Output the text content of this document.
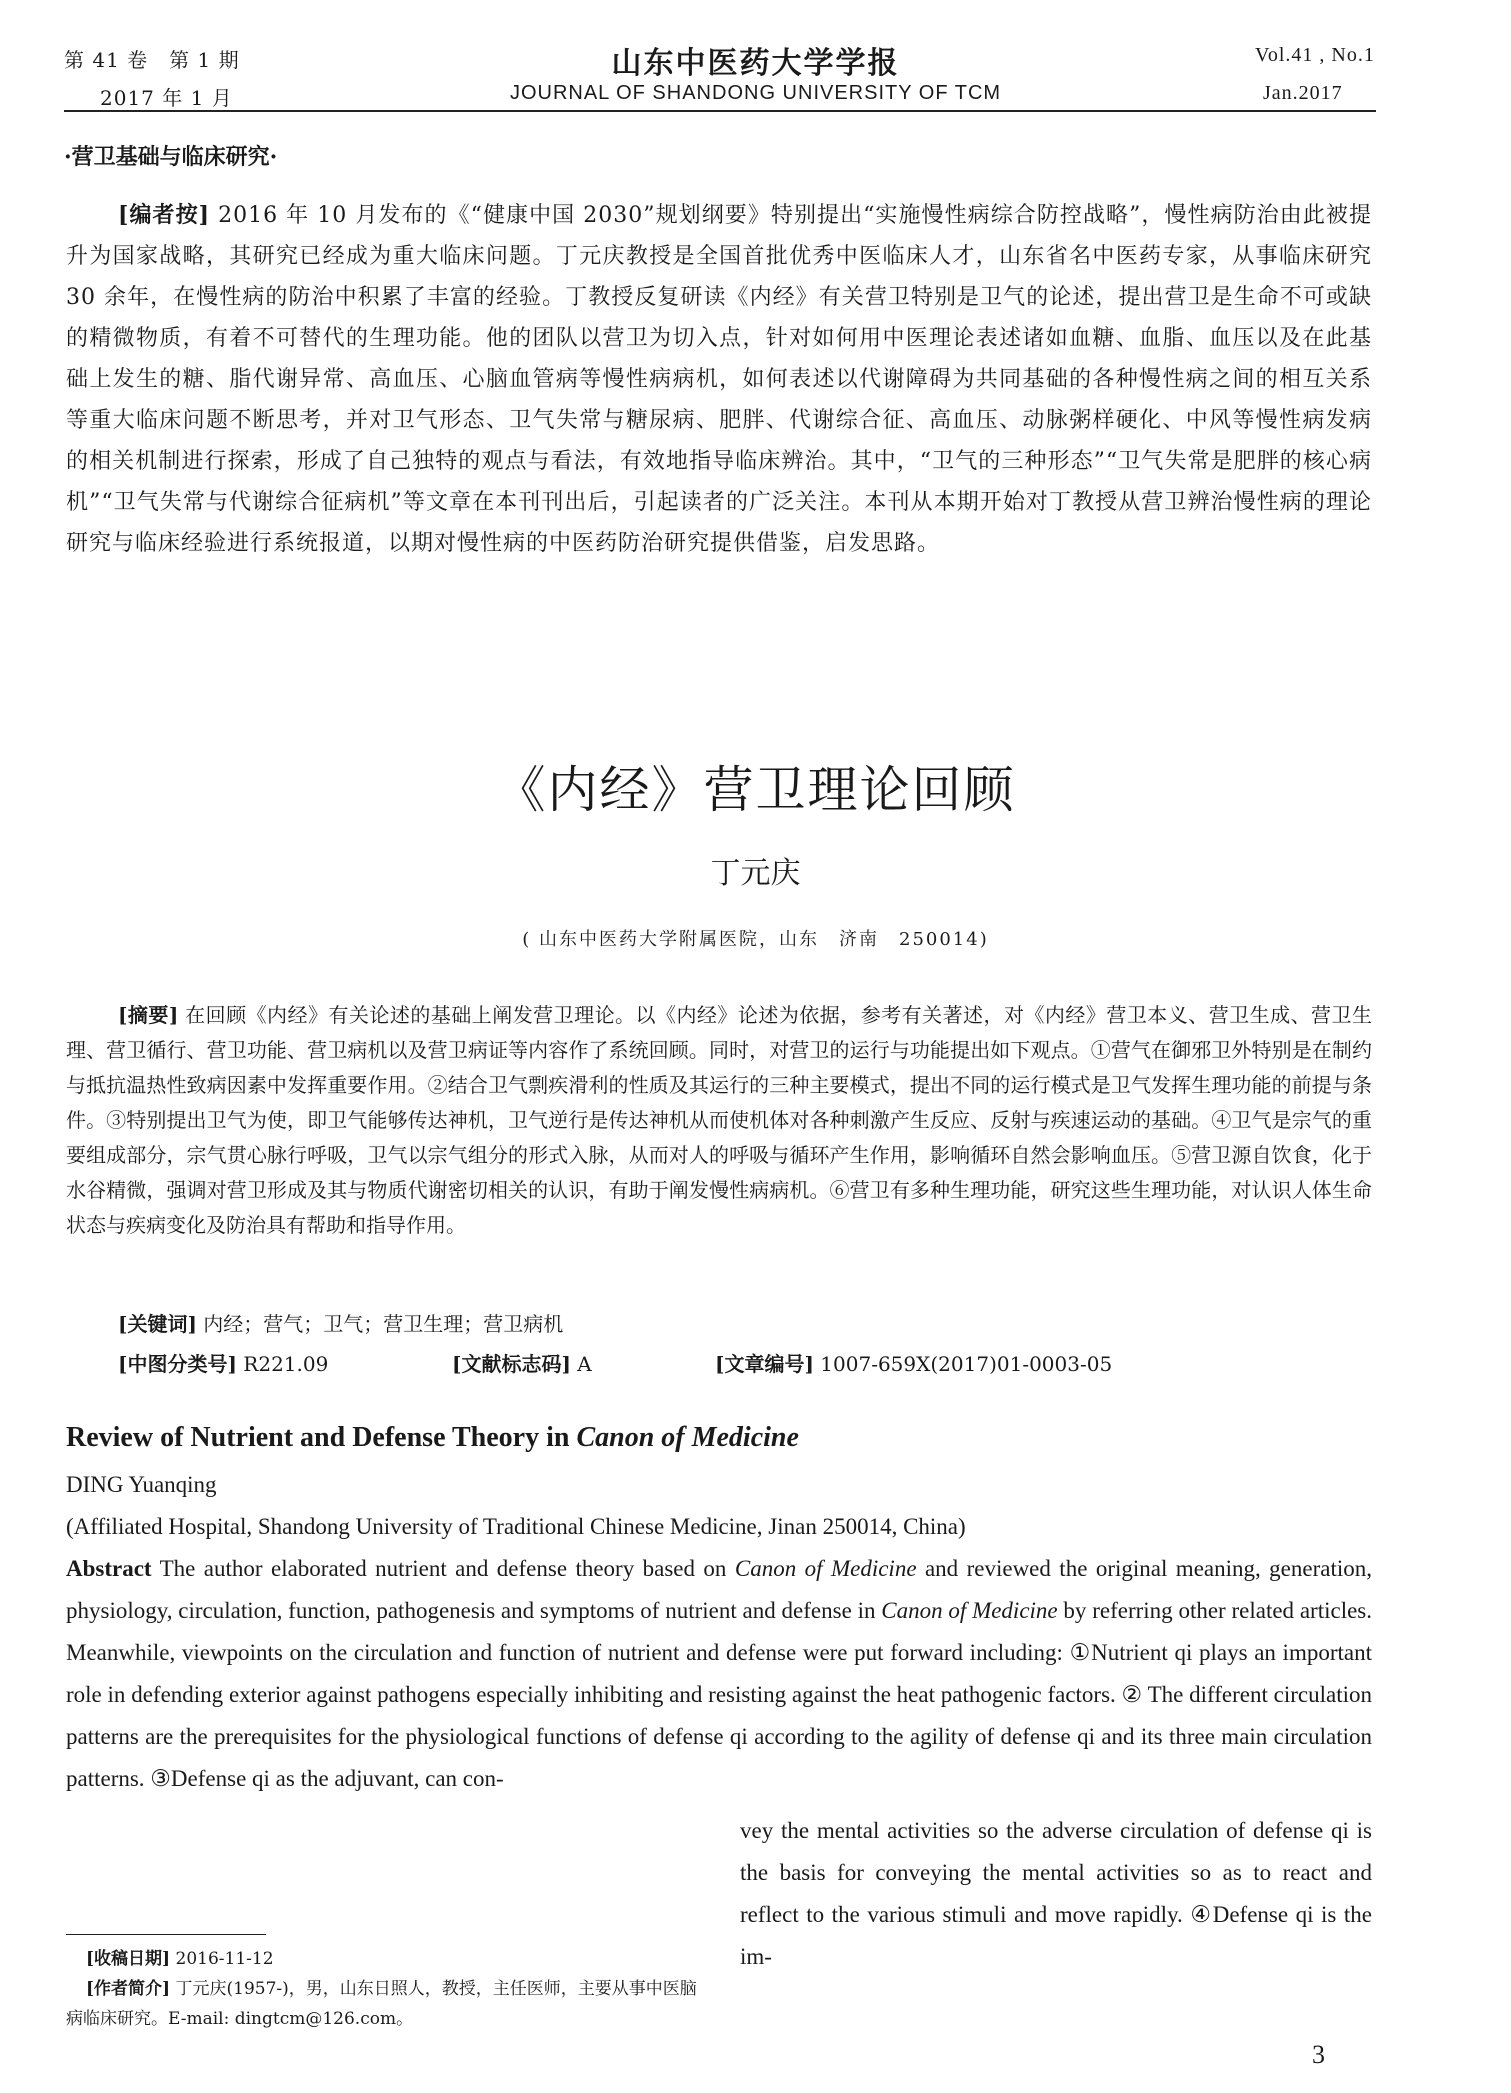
第 41 卷　第 1 期
2017 年 1 月
山东中医药大学学报
JOURNAL OF SHANDONG UNIVERSITY OF TCM
Vol.41 , No.1
Jan.2017
·营卫基础与临床研究·
[编者按] 2016 年 10 月发布的《“健康中国 2030”规划纲要》特别提出“实施慢性病综合防控战略”，慢性病防治由此被提升为国家战略，其研究已经成为重大临床问题。丁元庆教授是全国首批优秀中医临床人才，山东省名中医药专家，从事临床研究 30 余年，在慢性病的防治中积累了丰富的经验。丁教授反复研读《内经》有关营卫特别是卫气的论述，提出营卫是生命不可或缺的精微物质，有着不可替代的生理功能。他的团队以营卫为切入点，针对如何用中医理论表述诸如血糖、血脂、血压以及在此基础上发生的糖、脂代谢异常、高血压、心脑血管病等慢性病病机，如何表述以代谢障碍为共同基础的各种慢性病之间的相互关系等重大临床问题不断思考，并对卫气形态、卫气失常与糖尿病、肥胖、代谢综合征、高血压、动脉粥样硬化、中风等慢性病发病的相关机制进行探索，形成了自己独特的观点与看法，有效地指导临床辨治。其中，“卫气的三种形态”“卫气失常是肥胖的核心病机”“卫气失常与代谢综合征病机”等文章在本刊刊出后，引起读者的广泛关注。本刊从本期开始对丁教授从营卫辨治慢性病的理论研究与临床经验进行系统报道，以期对慢性病的中医药防治研究提供借鉴，启发思路。
《内经》营卫理论回顾
丁元庆
( 山东中医药大学附属医院，山东　济南　250014)
[摘要] 在回顾《内经》有关论述的基础上阐发营卫理论。以《内经》论述为依据，参考有关著述，对《内经》营卫本义、营卫生成、营卫生理、营卫循行、营卫功能、营卫病机以及营卫病证等内容作了系统回顾。同时，对营卫的运行与功能提出如下观点。①营气在御邪卫外特别是在制约与抵抗温热性致病因素中发挥重要作用。②结合卫气剽疾滑利的性质及其运行的三种主要模式，提出不同的运行模式是卫气发挥生理功能的前提与条件。③特别提出卫气为使，即卫气能够传达神机，卫气逆行是传达神机从而使机体对各种刺激产生反应、反射与疾速运动的基础。④卫气是宗气的重要组成部分，宗气贯心脉行呼吸，卫气以宗气组分的形式入脉，从而对人的呼吸与循环产生作用，影响循环自然会影响血压。⑤营卫源自饮食，化于水谷精微，强调对营卫形成及其与物质代谢密切相关的认识，有助于阐发慢性病病机。⑥营卫有多种生理功能，研究这些生理功能，对认识人体生命状态与疾病变化及防治具有帮助和指导作用。
[关键词] 内经；营气；卫气；营卫生理；营卫病机
[中图分类号] R221.09	[文献标志码] A	[文章编号] 1007-659X(2017)01-0003-05
Review of Nutrient and Defense Theory in Canon of Medicine
DING Yuanqing
(Affiliated Hospital, Shandong University of Traditional Chinese Medicine, Jinan 250014, China)
Abstract The author elaborated nutrient and defense theory based on Canon of Medicine and reviewed the original meaning, generation, physiology, circulation, function, pathogenesis and symptoms of nutrient and defense in Canon of Medicine by referring other related articles. Meanwhile, viewpoints on the circulation and function of nutrient and defense were put forward including: ①Nutrient qi plays an important role in defending exterior against pathogens especially inhibiting and resisting against the heat pathogenic factors. ② The different circulation patterns are the prerequisites for the physiological functions of defense qi according to the agility of defense qi and its three main circulation patterns. ③Defense qi as the adjuvant, can con-
vey the mental activities so the adverse circulation of defense qi is the basis for conveying the mental activities so as to react and reflect to the various stimuli and move rapidly. ④Defense qi is the im-
[收稿日期] 2016-11-12
[作者简介] 丁元庆(1957-)，男，山东日照人，教授，主任医师，主要从事中医脑病临床研究。E-mail: dingtcm@126.com。
3
